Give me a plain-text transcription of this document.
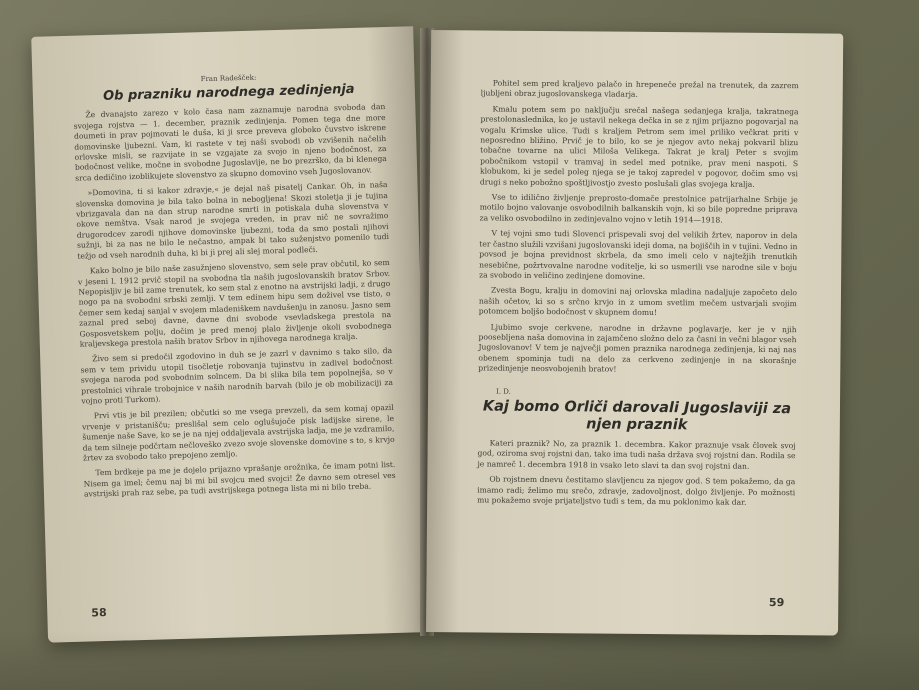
Fran Radešček:
Ob prazniku narodnega zedinjenja

Že dvanajsto zarezo v kolo časa nam zaznamuje narodna svoboda dan svojega rojstva — 1. december, praznik zedinjenja. Pomen tega dne more doumeti in prav pojmovati le duša, ki ji srce preveva globoko čuvstvo iskrene domovinske ljubezni. Vam, ki rastete v tej naši svobodi ob vzvišenih načelih orlovske misli, se razvijate in se vzgajate za svojo in njeno bodočnost, za bodočnost velike, močne in svobodne Jugoslavije, ne bo prezrško, da bi klenega srca dedičino izoblikujete slovenstvo za skupno domovino vseh Jugoslovanov.

»Domovina, ti si kakor zdravje,« je dejal naš pisatelj Cankar. Oh, in naša slovenska domovina je bila tako bolna in nebogljena! Skozi stoletja ji je tujina vbrizgavala dan na dan strup narodne smrti in potiskala duha slovenstva v okove nemštva. Vsak narod je svojega vreden, in prav nič ne sovražimo drugorodcev zarodi njihove domovinske ljubezni, toda da smo postali njihovi sužnji, bi za nas ne bilo le nečastno, ampak bi tako suženjstvo pomenilo tudi težjo od vseh narodnih duha, ki bi ji prej ali slej moral podleči.

Kako bolno je bilo naše zasužnjeno slovenstvo, sem sele prav občutil, ko sem v jeseni l. 1912 prvič stopil na svobodna tla naših jugoslovanskih bratov Srbov. Nepopisljiv je bil zame trenutek, ko sem stal z enotno na avstrijski ladji, z drugo nogo pa na svobodni srbski zemlji. V tem edinem hipu sem doživel vse tisto, o čemer sem kedaj sanjal v svojem mladeniškem navdušenju in zanosu. Jasno sem zaznal pred seboj davne, davne dni svobode vsevladskega prestola na Gosposvetskem polju, dočim je pred menoj plalo življenje okoli svobodnega kraljevskega prestola naših bratov Srbov in njihovega narodnega kralja.

Živo sem si predočil zgodovino in duh se je zazrl v davnimo s tako silo, da sem v tem prividu utopil tisočletje robovanja tujinstvu in zadivel bodočnost svojega naroda pod svobodnim solncem. Da bi slika bila tem popolnejša, so v prestolnici vihrale trobojnice v naših narodnih barvah (bilo je ob mobilizaciji za vojno proti Turkom).

Prvi vtis je bil prezilen; občutki so me vsega prevzeli, da sem komaj opazil vrvenje v pristanišču; preslišal sem celo oglušujoče pisk ladijske sirene, le šumenje naše Save, ko se je na njej oddaljevala avstrijska ladja, me je vzdramilo, da tem silneje podčrtam nečloveško zvezo svoje slovenske domovine s to, s krvjo žrtev za svobodo tako prepojeno zemljo.

Tem brdkeje pa me je dojelo prijazno vprašanje orožnika, če imam potni list. Nisem ga imel; čemu naj bi mi bil svojcu med svojci! Že davno sem otresel ves avstrijski prah raz sebe, pa tudi avstrijskega potnega lista mi ni bilo treba.

58

Pohitel sem pred kraljevo palačo in hrepeneče prežal na trenutek, da zazrem ljubljeni obraz jugoslovanskega vladarja.

Kmalu potem sem po naključju srečal našega sedanjega kralja, takratnega prestolonaslednika, ko je ustavil nekega dečka in se z njim prijazno pogovarjal na vogalu Krimske ulice. Tudi s kraljem Petrom sem imel priliko večkrat priti v neposredno bližino. Prvič je to bilo, ko se je njegov avto nekaj pokvaril blizu tobačne tovarne na ulici Miloša Velikega. Takrat je kralj Peter s svojim pobočnikom vstopil v tramvaj in sedel med potnike, prav meni naspoti. S klobukom, ki je sedel poleg njega se je takoj zapredel v pogovor, dočim smo vsi drugi s neko pobožno spoštljivostjo zvesto poslušali glas svojega kralja.

Vse to idilično življenje preprosto-domače prestolnice patrijarhalne Srbije je motilo bojno valovanje osvobodilnih balkanskih vojn, ki so bile popredne priprava za veliko osvobodilno in zedinjevalno vojno v letih 1914—1918.

V tej vojni smo tudi Slovenci prispevali svoj del velikih žrtev, naporov in dela ter častno služili vzvišani jugoslovanski ideji doma, na bojiščih in v tujini. Vedno in povsod je bojna previdnost skrbela, da smo imeli celo v najtežjih trenutkih nesebične, požrtvovalne narodne voditelje, ki so usmerili vse narodne sile v boju za svobodo in veličino zedinjene domovine.

Zvesta Bogu, kralju in domovini naj orlovska mladina nadaljuje započeto delo naših očetov, ki so s srčno krvjo in z umom svetlim mečem ustvarjali svojim potomcem boljšo bodočnost v skupnem domu!

Ljubimo svoje cerkvene, narodne in državne poglavarje, ker je v njih poosebljena naša domovina in zajamčeno složno delo za časni in večni blagor vseh Jugoslovanov! V tem je največji pomen praznika narodnega zedinjenja, ki naj nas obenem spominja tudi na delo za cerkveno zedinjenje in na skorašnje prizedinjenje neosvobojenih bratov!

I. D.
Kaj bomo Orliči darovali Jugoslaviji za njen praznik

Kateri praznik? No, za praznik 1. decembra. Kakor praznuje vsak človek svoj god, oziroma svoj rojstni dan, tako ima tudi naša država svoj rojstni dan. Rodila se je namreč 1. decembra 1918 in vsako leto slavi ta dan svoj rojstni dan.

Ob rojstnem dnevu čestitamo slavljencu za njegov god. S tem pokažemo, da ga imamo radi; želimo mu srečo, zdravje, zadovoljnost, dolgo življenje. Po možnosti mu pokažemo svoje prijateljstvo tudi s tem, da mu poklonimo kak dar.

59
